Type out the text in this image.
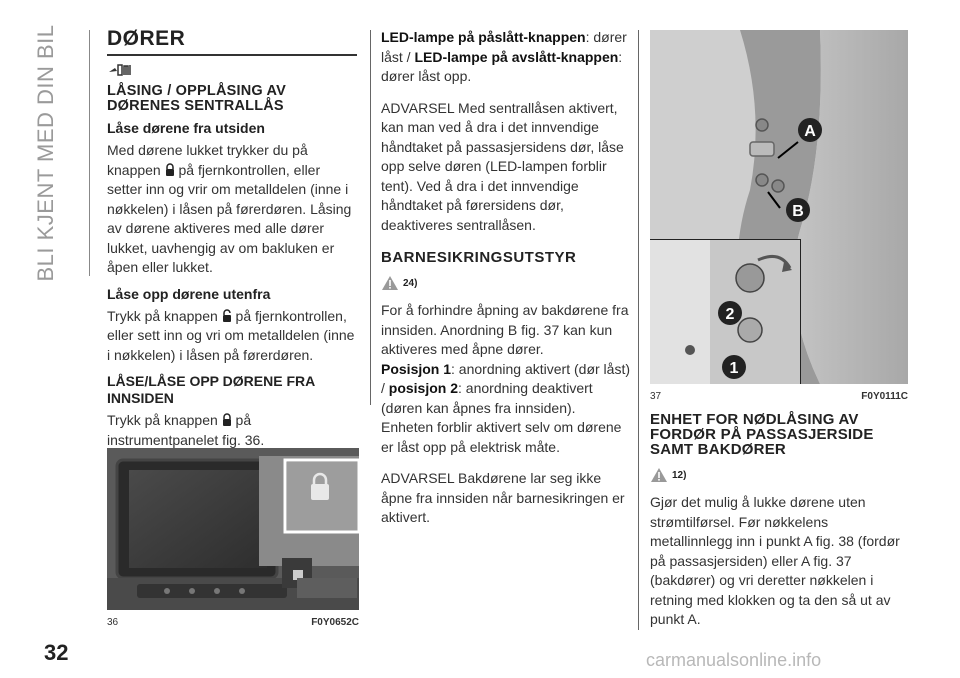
BLI KJENT MED DIN BIL
32	carmanualsonline.info
DØRER
LÅSING / OPPLÅSING AV DØRENES SENTRALLÅS
Låse dørene fra utsiden

Med dørene lukket trykker du på knappen på fjernkontrollen, eller setter inn og vrir om metalldelen (inne i nøkkelen) i låsen på førerdøren. Låsing av dørene aktiveres med alle dører lukket, uavhengig av om bakluken er åpen eller lukket.

Låse opp dørene utenfra

Trykk på knappen på fjernkontrollen, eller sett inn og vri om metalldelen (inne i nøkkelen) i låsen på førerdøren.

LÅSE/LÅSE OPP DØRENE FRA INNSIDEN

Trykk på knappen på instrumentpanelet fig. 36.

36	F0Y0652C

LED-lampe på påslått-knappen: dører låst / LED-lampe på avslått-knappen: dører låst opp.

ADVARSEL Med sentrallåsen aktivert, kan man ved å dra i det innvendige håndtaket på passasjersidens dør, låse opp selve døren (LED-lampen forblir tent). Ved å dra i det innvendige håndtaket på førersidens dør, deaktiveres sentrallåsen.

BARNESIKRINGSUTSTYR
24)

For å forhindre åpning av bakdørene fra innsiden. Anordning B fig. 37 kan kun aktiveres med åpne dører.
Posisjon 1: anordning aktivert (dør låst) / posisjon 2: anordning deaktivert (døren kan åpnes fra innsiden).

Enheten forblir aktivert selv om dørene er låst opp på elektrisk måte.

ADVARSEL Bakdørene lar seg ikke åpne fra innsiden når barnesikringen er aktivert.

A
B
2
1
37	F0Y0111C
ENHET FOR NØDLÅSING AV FORDØR PÅ PASSASJERSIDE SAMT BAKDØRER
12)

Gjør det mulig å lukke dørene uten strømtilførsel. Før nøkkelens metallinnlegg inn i punkt A fig. 38 (fordør på passasjersiden) eller A fig. 37 (bakdører) og vri deretter nøkkelen i retning med klokken og ta den så ut av punkt A.
